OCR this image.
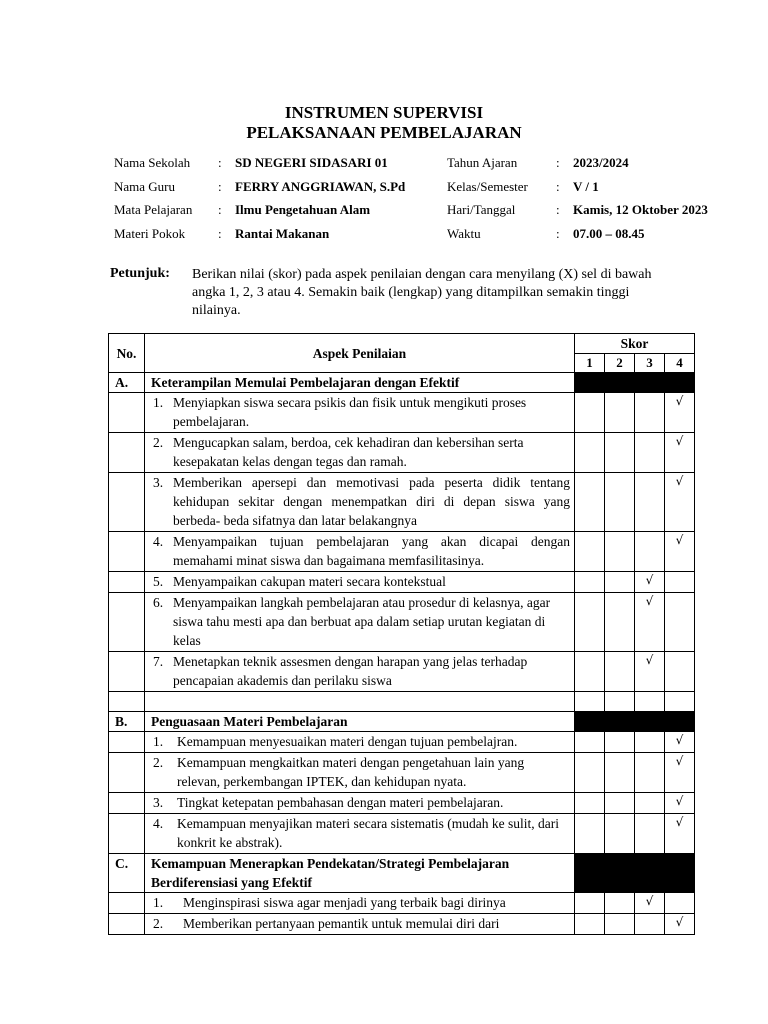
INSTRUMEN SUPERVISI
PELAKSANAAN PEMBELAJARAN
Nama Sekolah : SD NEGERI SIDASARI 01
Nama Guru	: FERRY ANGGRIAWAN, S.Pd
Mata Pelajaran : Ilmu Pengetahuan Alam
Materi Pokok	: Rantai Makanan
Tahun Ajaran	: 2023/2024
Kelas/Semester : V / 1
Hari/Tanggal	: Kamis, 12 Oktober 2023
Waktu	: 07.00 – 08.45
Petunjuk: Berikan nilai (skor) pada aspek penilaian dengan cara menyilang (X) sel di bawah angka 1, 2, 3 atau 4. Semakin baik (lengkap) yang ditampilkan semakin tinggi nilainya.
No.	Aspek Penilaian	Skor			
		1	2	3	4
A.	Keterampilan Memulai Pembelajaran dengan Efektif				

	1. Menyiapkan siswa secara psikis dan fisik untuk mengikuti proses pembelajaran.				√

	2. Mengucapkan salam, berdoa, cek kehadiran dan kebersihan serta kesepakatan kelas dengan tegas dan ramah.				√

	3. Memberikan apersepi dan memotivasi pada peserta didik tentang kehidupan sekitar dengan menempatkan diri di depan siswa yang berbeda- beda sifatnya dan latar belakangnya				√

	4. Menyampaikan tujuan pembelajaran yang akan dicapai dengan memahami minat siswa dan bagaimana memfasilitasinya.				√

	5. Menyampaikan cakupan materi secara kontekstual			√	

	6. Menyampaikan langkah pembelajaran atau prosedur di kelasnya, agar siswa tahu mesti apa dan berbuat apa dalam setiap urutan kegiatan di kelas			√	

	7. Menetapkan teknik assesmen dengan harapan yang jelas terhadap pencapaian akademis dan perilaku siswa			√	

B.	Penguasaan Materi Pembelajaran				

	1. Kemampuan menyesuaikan materi dengan tujuan pembelajran.				√

	2. Kemampuan mengkaitkan materi dengan pengetahuan lain yang relevan, perkembangan IPTEK, dan kehidupan nyata.				√

	3. Tingkat ketepatan pembahasan dengan materi pembelajaran.				√

	4. Kemampuan menyajikan materi secara sistematis (mudah ke sulit, dari konkrit ke abstrak).				√
C.	Kemampuan Menerapkan Pendekatan/Strategi Pembelajaran Berdiferensiasi yang Efektif				

	1. Menginspirasi siswa agar menjadi yang terbaik bagi dirinya			√	

	2. Memberikan pertanyaan pemantik untuk memulai diri dari				√
